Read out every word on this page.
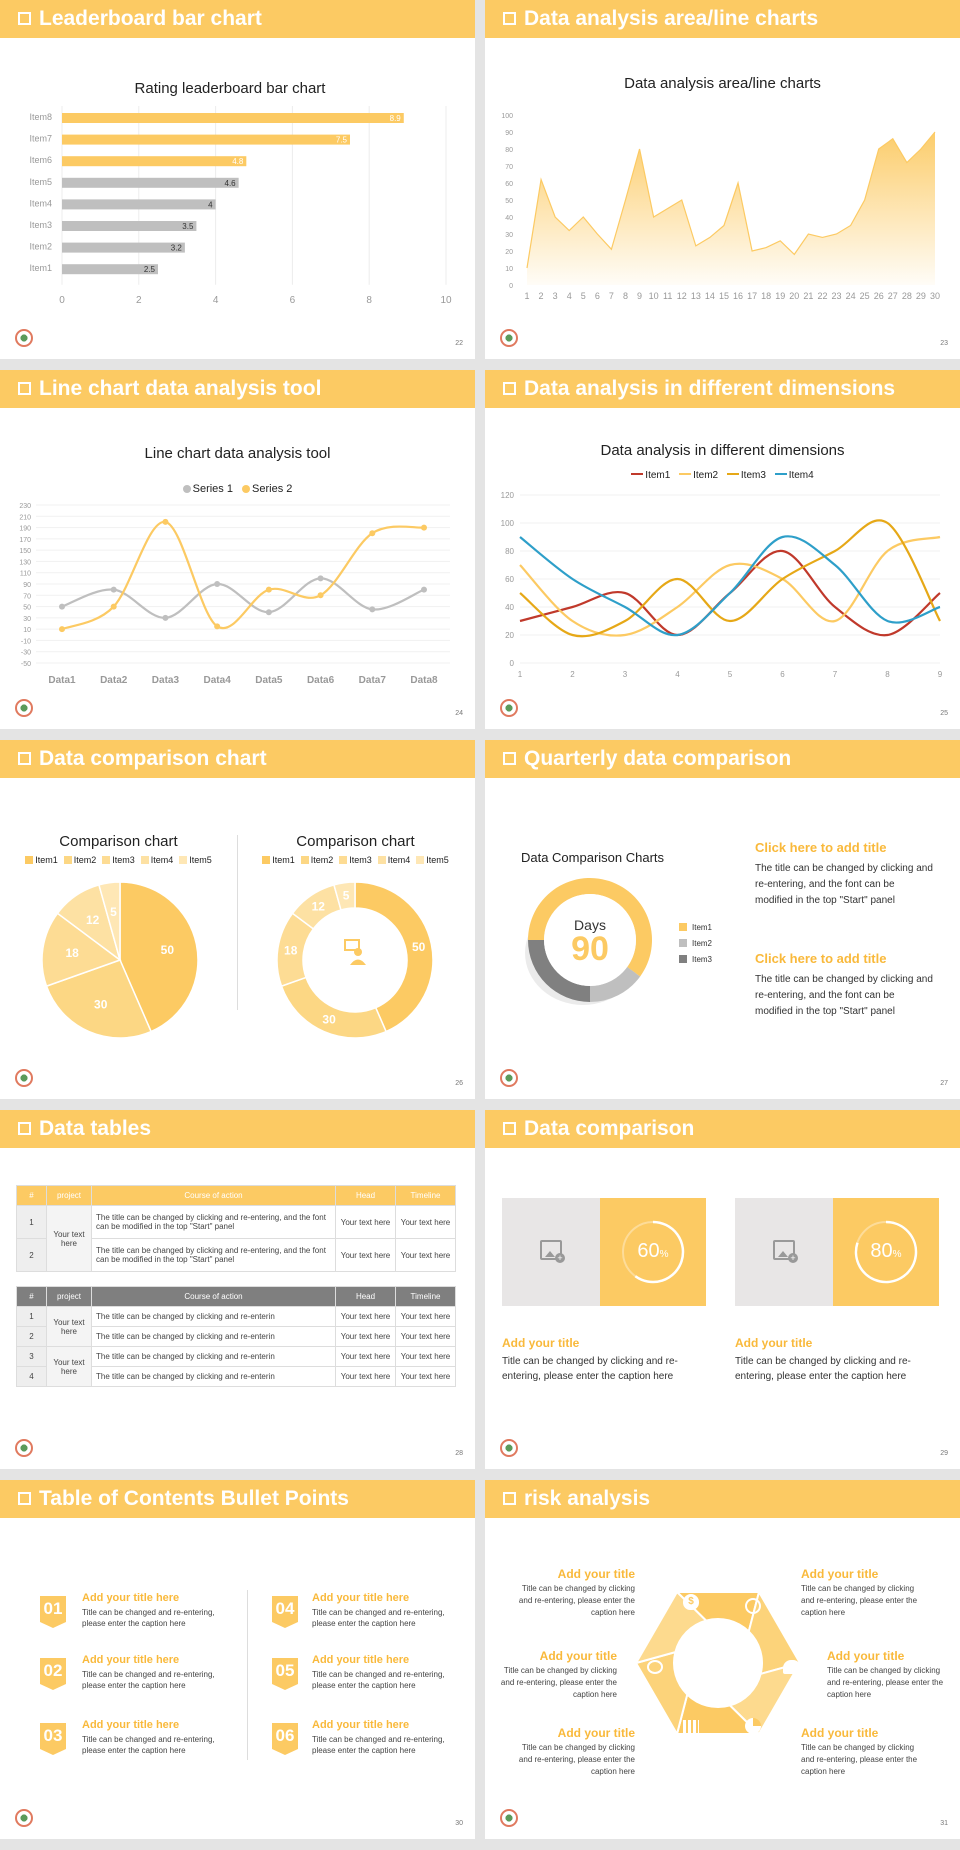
Leaderboard bar chart
Rating leaderboard bar chart
0	2	4	6	8	10
Item1	2.5
Item2	3.2
Item3	3.5
Item4	4
Item5	4.6
Item6	4.8
Item7	7.5
Item8	8.9
22
Data analysis area/line charts
Data analysis area/line charts
0
10
20
30
40
50
60
70
80
90
100
1 2 3 4 5 6 7 8 9 10 11 12 13 14 15 16 17 18 19 20 21 22 23 24 25 26 27 28 29 30
23
Line chart data analysis tool
Line chart data analysis tool
Series 1 Series 2
230
210
190
170
150
130
110
90
70
50
30
10
-10
-30
-50
Data1 Data2 Data3 Data4 Data5 Data6 Data7 Data8
24
Data analysis in different dimensions
Data analysis in different dimensions
Item1 Item2 Item3 Item4
0
20
40
60
80
100
120
1	2	3	4	5	6	7	8	9
25
Data comparison chart
Comparison chart
Item1 Item2 Item3 Item4 Item5
50
30
18
12
5
Comparison chart
Item1 Item2 Item3 Item4 Item5
50
30
18
12
5
26
Quarterly data comparison
Data Comparison Charts
Days
90
Item1
Item2
Item3
Click here to add title
The title can be changed by clicking and re-entering, and the font can be modified in the top "Start" panel
Click here to add title
The title can be changed by clicking and re-entering, and the font can be modified in the top "Start" panel
27
Data tables
#	project	Course of action	Head	Timeline
1	Your text here	The title can be changed by clicking and re-entering, and the font can be modified in the top "Start" panel	Your text here	Your text here
2		The title can be changed by clicking and re-entering, and the font can be modified in the top "Start" panel	Your text here	Your text here
#	project	Course of action	Head	Timeline
1	Your text here	The title can be changed by clicking and re-enterin	Your text here	Your text here
2		The title can be changed by clicking and re-enterin	Your text here	Your text here
3	Your text here	The title can be changed by clicking and re-enterin	Your text here	Your text here
4		The title can be changed by clicking and re-enterin	Your text here	Your text here
28
Data comparison
+	60%	+	80%
Add your title
Title can be changed by clicking and re-entering, please enter the caption here
Add your title
Title can be changed by clicking and re-entering, please enter the caption here
29
Table of Contents Bullet Points
01
Add your title here
Title can be changed and re-entering, please enter the caption here
02
Add your title here
Title can be changed and re-entering, please enter the caption here
03
Add your title here
Title can be changed and re-entering, please enter the caption here
04
Add your title here
Title can be changed and re-entering, please enter the caption here
05
Add your title here
Title can be changed and re-entering, please enter the caption here
06
Add your title here
Title can be changed and re-entering, please enter the caption here
30
risk analysis
$
Add your title
Title can be changed by clicking and re-entering, please enter the caption here
Add your title
Title can be changed by clicking and re-entering, please enter the caption here
Add your title
Title can be changed by clicking and re-entering, please enter the caption here
Add your title
Title can be changed by clicking and re-entering, please enter the caption here
Add your title
Title can be changed by clicking and re-entering, please enter the caption here
Add your title
Title can be changed by clicking and re-entering, please enter the caption here
31
